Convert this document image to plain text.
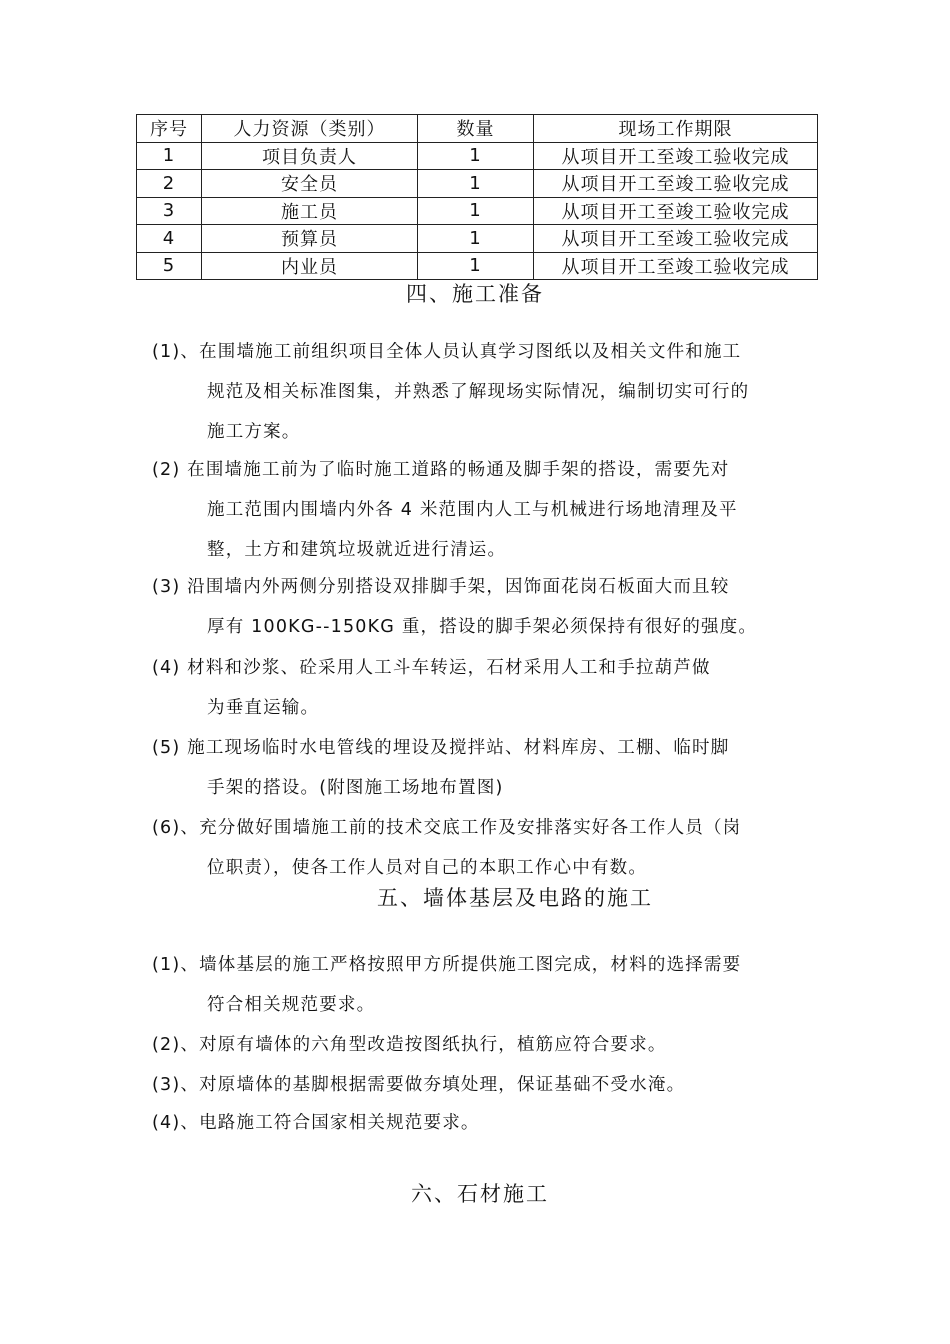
序号	人力资源（类别）	数量	现场工作期限
1	项目负责人	1	从项目开工至竣工验收完成
2	安全员	1	从项目开工至竣工验收完成
3	施工员	1	从项目开工至竣工验收完成
4	预算员	1	从项目开工至竣工验收完成
5	内业员	1	从项目开工至竣工验收完成
四、施工准备
(1)、在围墙施工前组织项目全体人员认真学习图纸以及相关文件和施工
规范及相关标准图集，并熟悉了解现场实际情况，编制切实可行的
施工方案。
(2) 在围墙施工前为了临时施工道路的畅通及脚手架的搭设，需要先对
施工范围内围墙内外各 4 米范围内人工与机械进行场地清理及平
整，土方和建筑垃圾就近进行清运。
(3) 沿围墙内外两侧分别搭设双排脚手架，因饰面花岗石板面大而且较
厚有 100KG--150KG 重，搭设的脚手架必须保持有很好的强度。
(4) 材料和沙浆、砼采用人工斗车转运，石材采用人工和手拉葫芦做
为垂直运输。
(5) 施工现场临时水电管线的埋设及搅拌站、材料库房、工棚、临时脚
手架的搭设。(附图施工场地布置图)
(6)、充分做好围墙施工前的技术交底工作及安排落实好各工作人员（岗
位职责），使各工作人员对自己的本职工作心中有数。
五、墙体基层及电路的施工
(1)、墙体基层的施工严格按照甲方所提供施工图完成，材料的选择需要
符合相关规范要求。
(2)、对原有墙体的六角型改造按图纸执行，植筋应符合要求。
(3)、对原墙体的基脚根据需要做夯填处理，保证基础不受水淹。
(4)、电路施工符合国家相关规范要求。
六、石材施工
